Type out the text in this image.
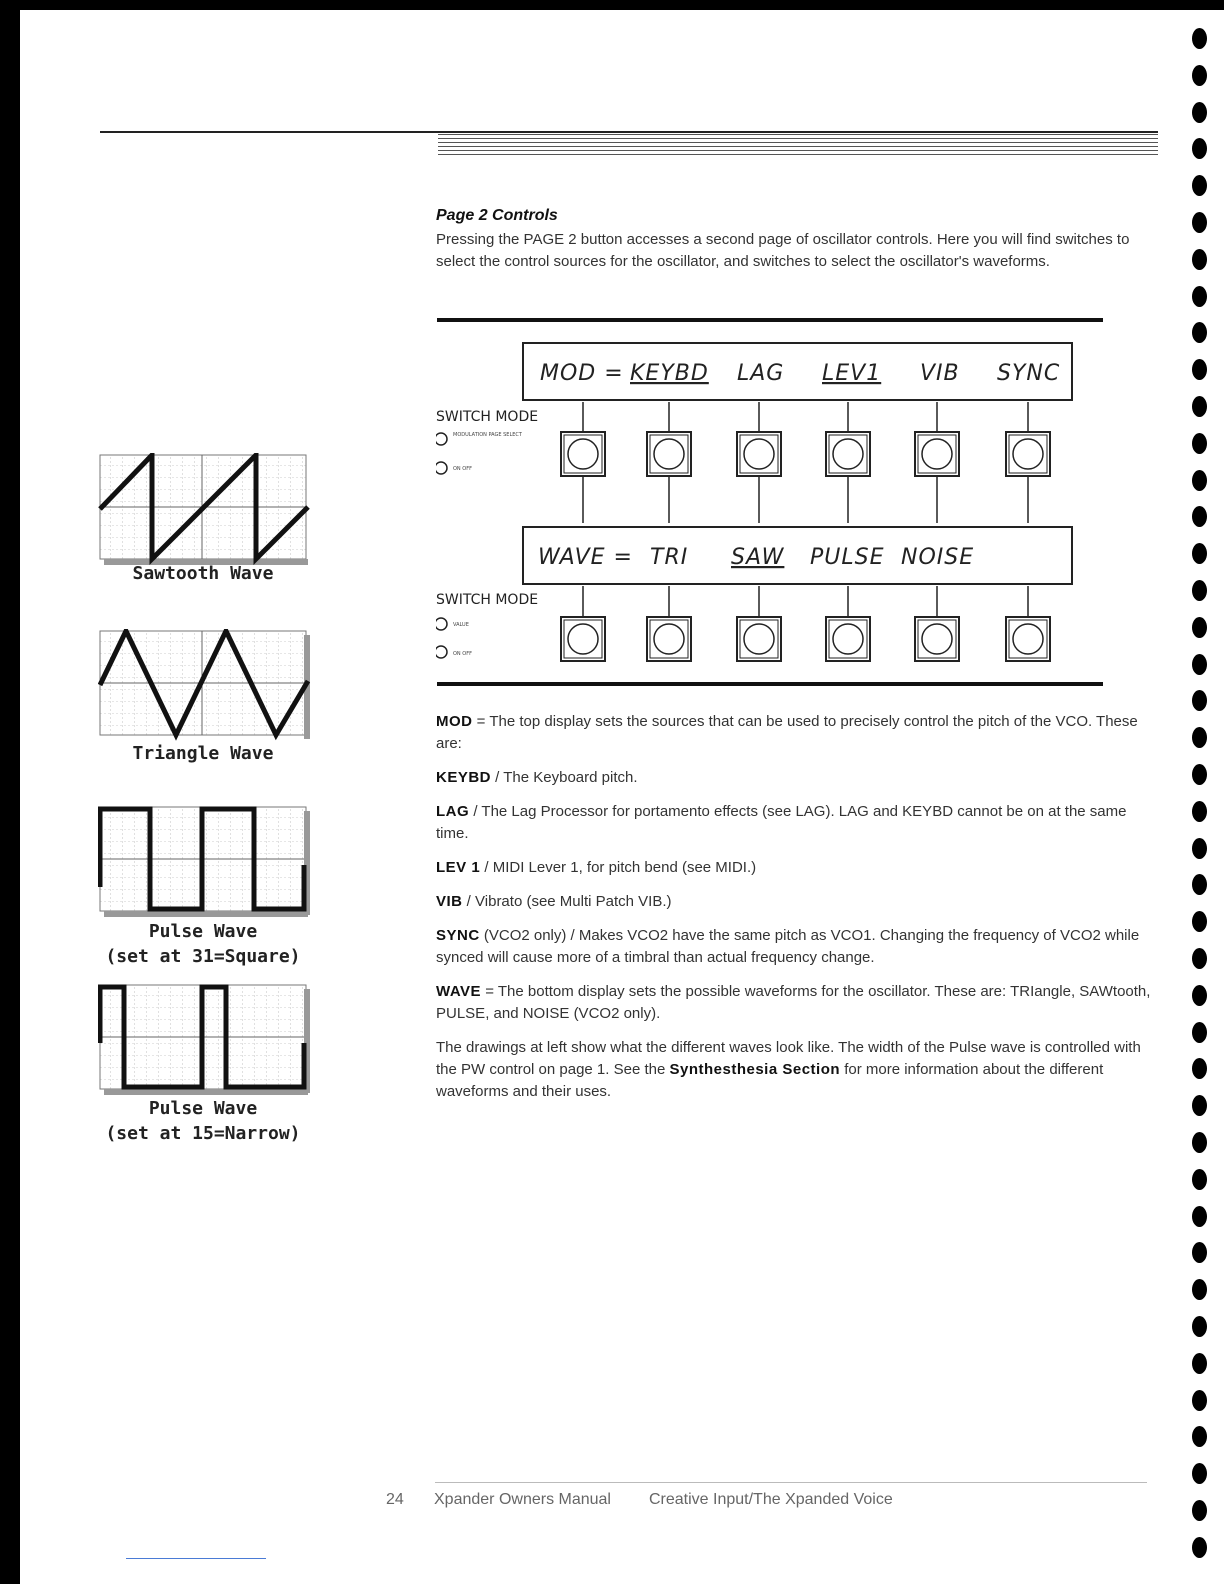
Page 2 Controls

Pressing the PAGE 2 button accesses a second page of oscillator controls. Here you will find switches to select the control sources for the oscillator, and switches to select the oscillator's waveforms.

MOD = KEYBD LAG LEV1 VIB SYNC
SWITCH MODE
MODULATION PAGE SELECT
ON OFF
WAVE = TRI SAW PULSE NOISE
SWITCH MODE
VALUE
ON OFF
Sawtooth Wave
Triangle Wave
Pulse Wave
(set at 31=Square)
Pulse Wave
(set at 15=Narrow)

MOD = The top display sets the sources that can be used to precisely control the pitch of the VCO. These are:

KEYBD / The Keyboard pitch.

LAG / The Lag Processor for portamento effects (see LAG). LAG and KEYBD cannot be on at the same time.

LEV 1 / MIDI Lever 1, for pitch bend (see MIDI.)

VIB / Vibrato (see Multi Patch VIB.)

SYNC (VCO2 only) / Makes VCO2 have the same pitch as VCO1. Changing the frequency of VCO2 while synced will cause more of a timbral than actual frequency change.

WAVE = The bottom display sets the possible waveforms for the oscillator. These are: TRIangle, SAWtooth, PULSE, and NOISE (VCO2 only).

The drawings at left show what the different waves look like. The width of the Pulse wave is controlled with the PW control on page 1. See the Synthesthesia Section for more information about the different waveforms and their uses.

24 Xpander Owners Manual Creative Input/The Xpanded Voice
